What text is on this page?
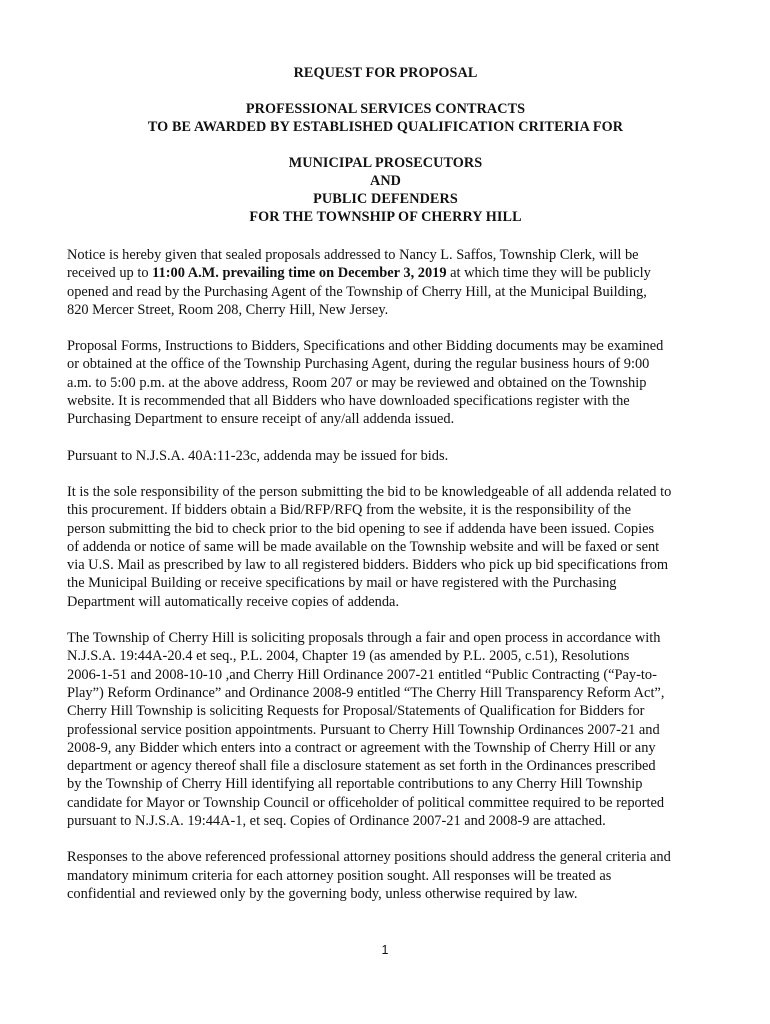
REQUEST FOR PROPOSAL
PROFESSIONAL SERVICES CONTRACTS
TO BE AWARDED BY ESTABLISHED QUALIFICATION CRITERIA FOR
MUNICIPAL PROSECUTORS
AND
PUBLIC DEFENDERS
FOR THE TOWNSHIP OF CHERRY HILL
Notice is hereby given that sealed proposals addressed to Nancy L. Saffos, Township Clerk, will be
received up to 11:00 A.M. prevailing time on December 3, 2019 at which time they will be publicly
opened and read by the Purchasing Agent of the Township of Cherry Hill, at the Municipal Building,
820 Mercer Street, Room 208, Cherry Hill, New Jersey.
Proposal Forms, Instructions to Bidders, Specifications and other Bidding documents may be examined
or obtained at the office of the Township Purchasing Agent, during the regular business hours of 9:00
a.m. to 5:00 p.m. at the above address, Room 207 or may be reviewed and obtained on the Township
website. It is recommended that all Bidders who have downloaded specifications register with the
Purchasing Department to ensure receipt of any/all addenda issued.
Pursuant to N.J.S.A. 40A:11-23c, addenda may be issued for bids.
It is the sole responsibility of the person submitting the bid to be knowledgeable of all addenda related to
this procurement. If bidders obtain a Bid/RFP/RFQ from the website, it is the responsibility of the
person submitting the bid to check prior to the bid opening to see if addenda have been issued. Copies
of addenda or notice of same will be made available on the Township website and will be faxed or sent
via U.S. Mail as prescribed by law to all registered bidders. Bidders who pick up bid specifications from
the Municipal Building or receive specifications by mail or have registered with the Purchasing
Department will automatically receive copies of addenda.
The Township of Cherry Hill is soliciting proposals through a fair and open process in accordance with
N.J.S.A. 19:44A-20.4 et seq., P.L. 2004, Chapter 19 (as amended by P.L. 2005, c.51), Resolutions
2006-1-51 and 2008-10-10 ,and Cherry Hill Ordinance 2007-21 entitled “Public Contracting (“Pay-to-
Play”) Reform Ordinance” and Ordinance 2008-9 entitled “The Cherry Hill Transparency Reform Act”,
Cherry Hill Township is soliciting Requests for Proposal/Statements of Qualification for Bidders for
professional service position appointments. Pursuant to Cherry Hill Township Ordinances 2007-21 and
2008-9, any Bidder which enters into a contract or agreement with the Township of Cherry Hill or any
department or agency thereof shall file a disclosure statement as set forth in the Ordinances prescribed
by the Township of Cherry Hill identifying all reportable contributions to any Cherry Hill Township
candidate for Mayor or Township Council or officeholder of political committee required to be reported
pursuant to N.J.S.A. 19:44A-1, et seq. Copies of Ordinance 2007-21 and 2008-9 are attached.
Responses to the above referenced professional attorney positions should address the general criteria and
mandatory minimum criteria for each attorney position sought. All responses will be treated as
confidential and reviewed only by the governing body, unless otherwise required by law.
1
